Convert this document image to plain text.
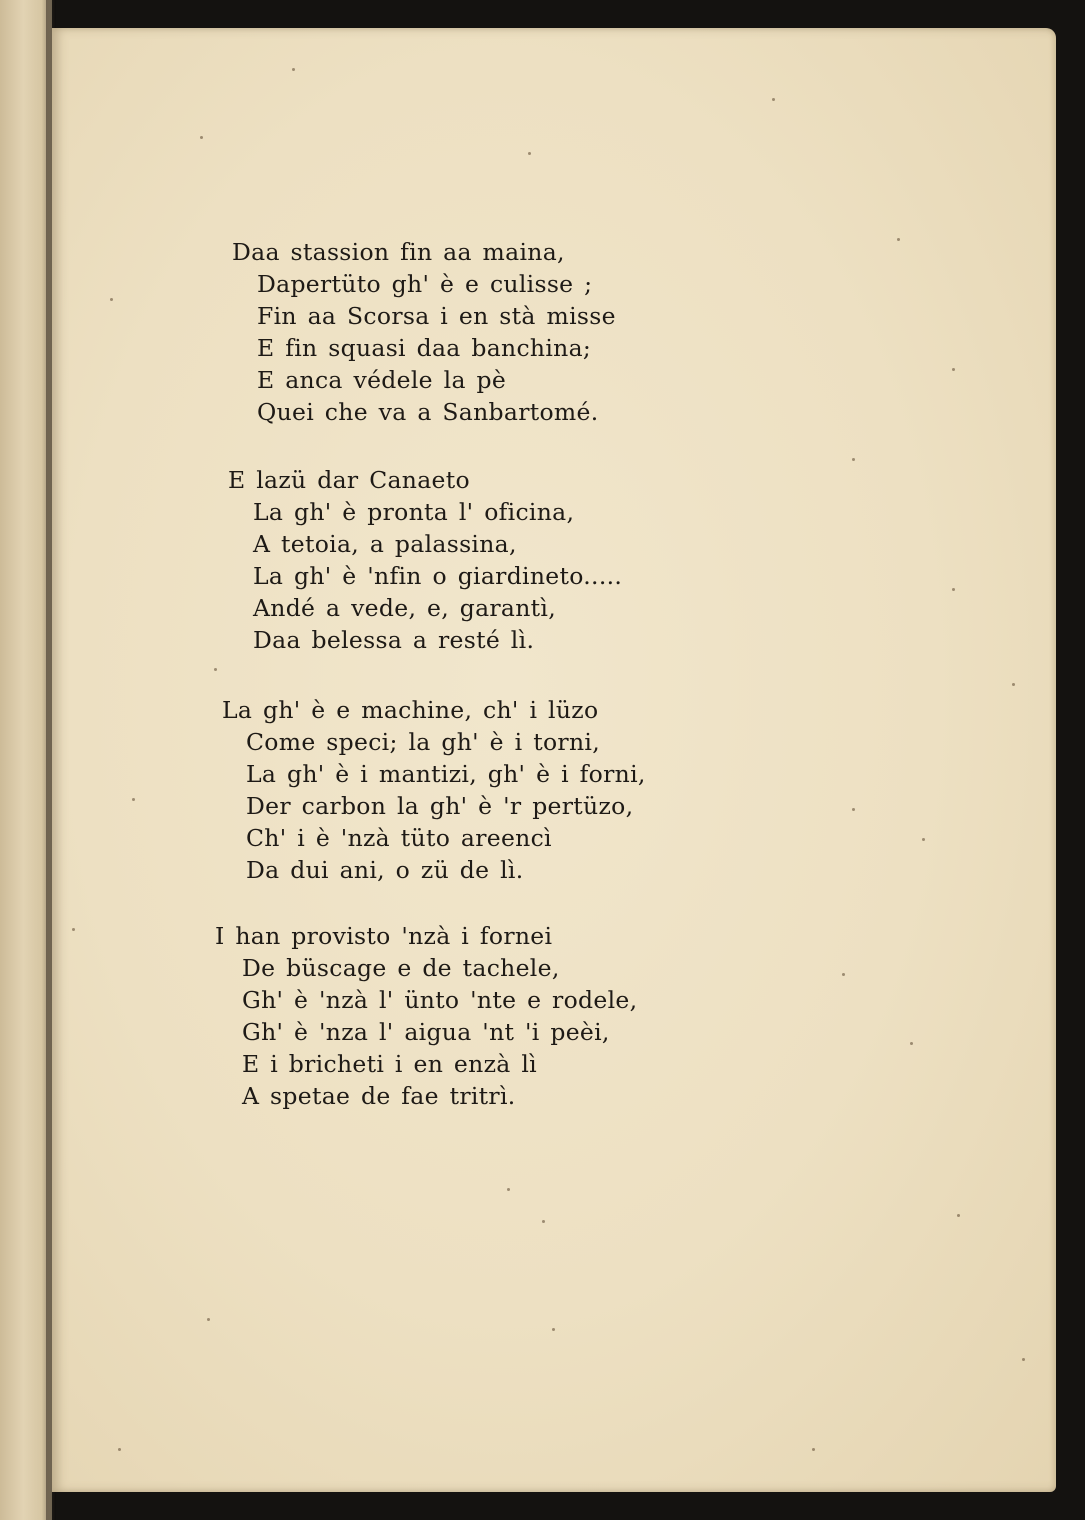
Daa stassion fin aa maina,
Dapertüto gh' è e culisse ;
Fin aa Scorsa i en stà misse
E fin squasi daa banchina;
E anca védele la pè
Quei che va a Sanbartomé.
E lazü dar Canaeto
La gh' è pronta l' oficina,
A tetoia, a palassina,
La gh' è 'nfin o giardineto.....
Andé a vede, e, garantì,
Daa belessa a resté lì.
La gh' è e machine, ch' i lüzo
Come speci; la gh' è i torni,
La gh' è i mantizi, gh' è i forni,
Der carbon la gh' è 'r pertüzo,
Ch' i è 'nzà tüto areencì
Da dui ani, o zü de lì.
I han provisto 'nzà i fornei
De büscage e de tachele,
Gh' è 'nzà l' ünto 'nte e rodele,
Gh' è 'nza l' aigua 'nt 'i peèi,
E i bricheti i en enzà lì
A spetae de fae tritrì.
